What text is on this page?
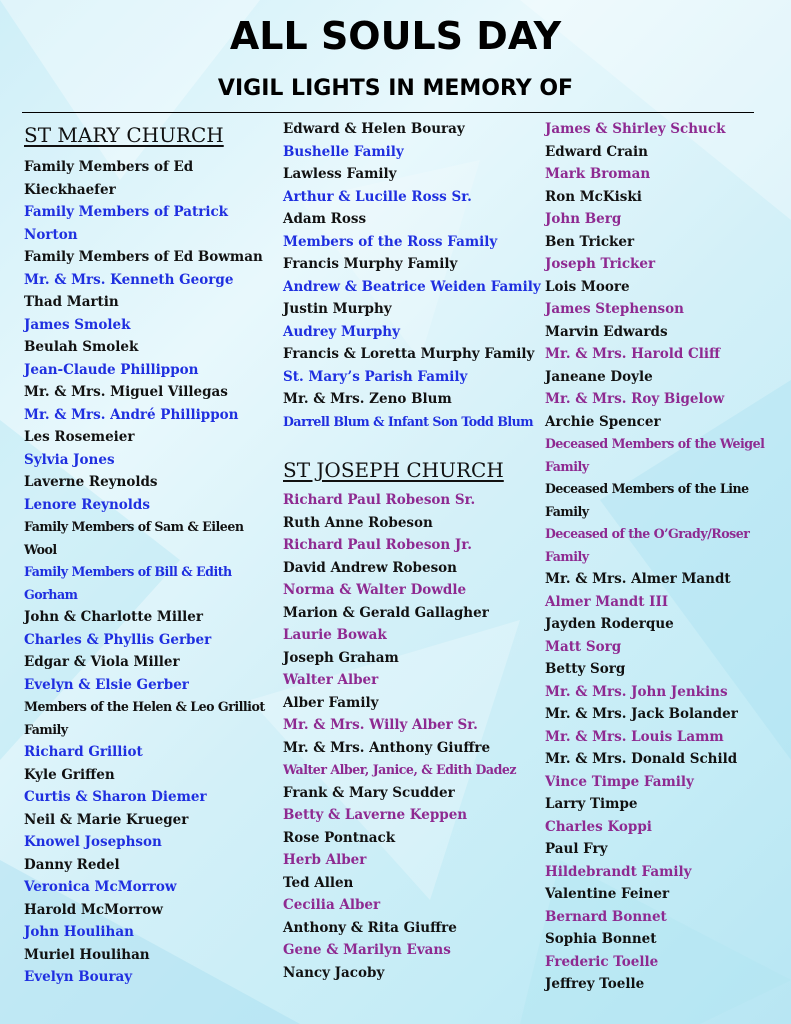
ALL SOULS DAY
VIGIL LIGHTS IN MEMORY OF
ST MARY CHURCH
Family Members of Ed Kieckhaefer
Family Members of Patrick Norton
Family Members of Ed Bowman
Mr. & Mrs. Kenneth George
Thad Martin
James Smolek
Beulah Smolek
Jean-Claude Phillippon
Mr. & Mrs. Miguel Villegas
Mr. & Mrs. André Phillippon
Les Rosemeier
Sylvia Jones
Laverne Reynolds
Lenore Reynolds
Family Members of Sam & Eileen Wool
Family Members of Bill & Edith Gorham
John & Charlotte Miller
Charles & Phyllis Gerber
Edgar & Viola Miller
Evelyn & Elsie Gerber
Members of the Helen & Leo Grilliot Family
Richard Grilliot
Kyle Griffen
Curtis & Sharon Diemer
Neil & Marie Krueger
Knowel Josephson
Danny Redel
Veronica McMorrow
Harold McMorrow
John Houlihan
Muriel Houlihan
Evelyn Bouray
Edward & Helen Bouray
Bushelle Family
Lawless Family
Arthur & Lucille Ross Sr.
Adam Ross
Members of the Ross Family
Francis Murphy Family
Andrew & Beatrice Weiden Family
Justin Murphy
Audrey Murphy
Francis & Loretta Murphy Family
St. Mary’s Parish Family
Mr. & Mrs. Zeno Blum
Darrell Blum & Infant Son Todd Blum
ST JOSEPH CHURCH
Richard Paul Robeson Sr.
Ruth Anne Robeson
Richard Paul Robeson Jr.
David Andrew Robeson
Norma & Walter Dowdle
Marion & Gerald Gallagher
Laurie Bowak
Joseph Graham
Walter Alber
Alber Family
Mr. & Mrs. Willy Alber Sr.
Mr. & Mrs. Anthony Giuffre
Walter Alber, Janice, & Edith Dadez
Frank & Mary Scudder
Betty & Laverne Keppen
Rose Pontnack
Herb Alber
Ted Allen
Cecilia Alber
Anthony & Rita Giuffre
Gene & Marilyn Evans
Nancy Jacoby
James & Shirley Schuck
Edward Crain
Mark Broman
Ron McKiski
John Berg
Ben Tricker
Joseph Tricker
Lois Moore
James Stephenson
Marvin Edwards
Mr. & Mrs. Harold Cliff
Janeane Doyle
Mr. & Mrs. Roy Bigelow
Archie Spencer
Deceased Members of the Weigel Family
Deceased Members of the Line Family
Deceased of the O’Grady/Roser Family
Mr. & Mrs. Almer Mandt
Almer Mandt III
Jayden Roderque
Matt Sorg
Betty Sorg
Mr. & Mrs. John Jenkins
Mr. & Mrs. Jack Bolander
Mr. & Mrs. Louis Lamm
Mr. & Mrs. Donald Schild
Vince Timpe Family
Larry Timpe
Charles Koppi
Paul Fry
Hildebrandt Family
Valentine Feiner
Bernard Bonnet
Sophia Bonnet
Frederic Toelle
Jeffrey Toelle
